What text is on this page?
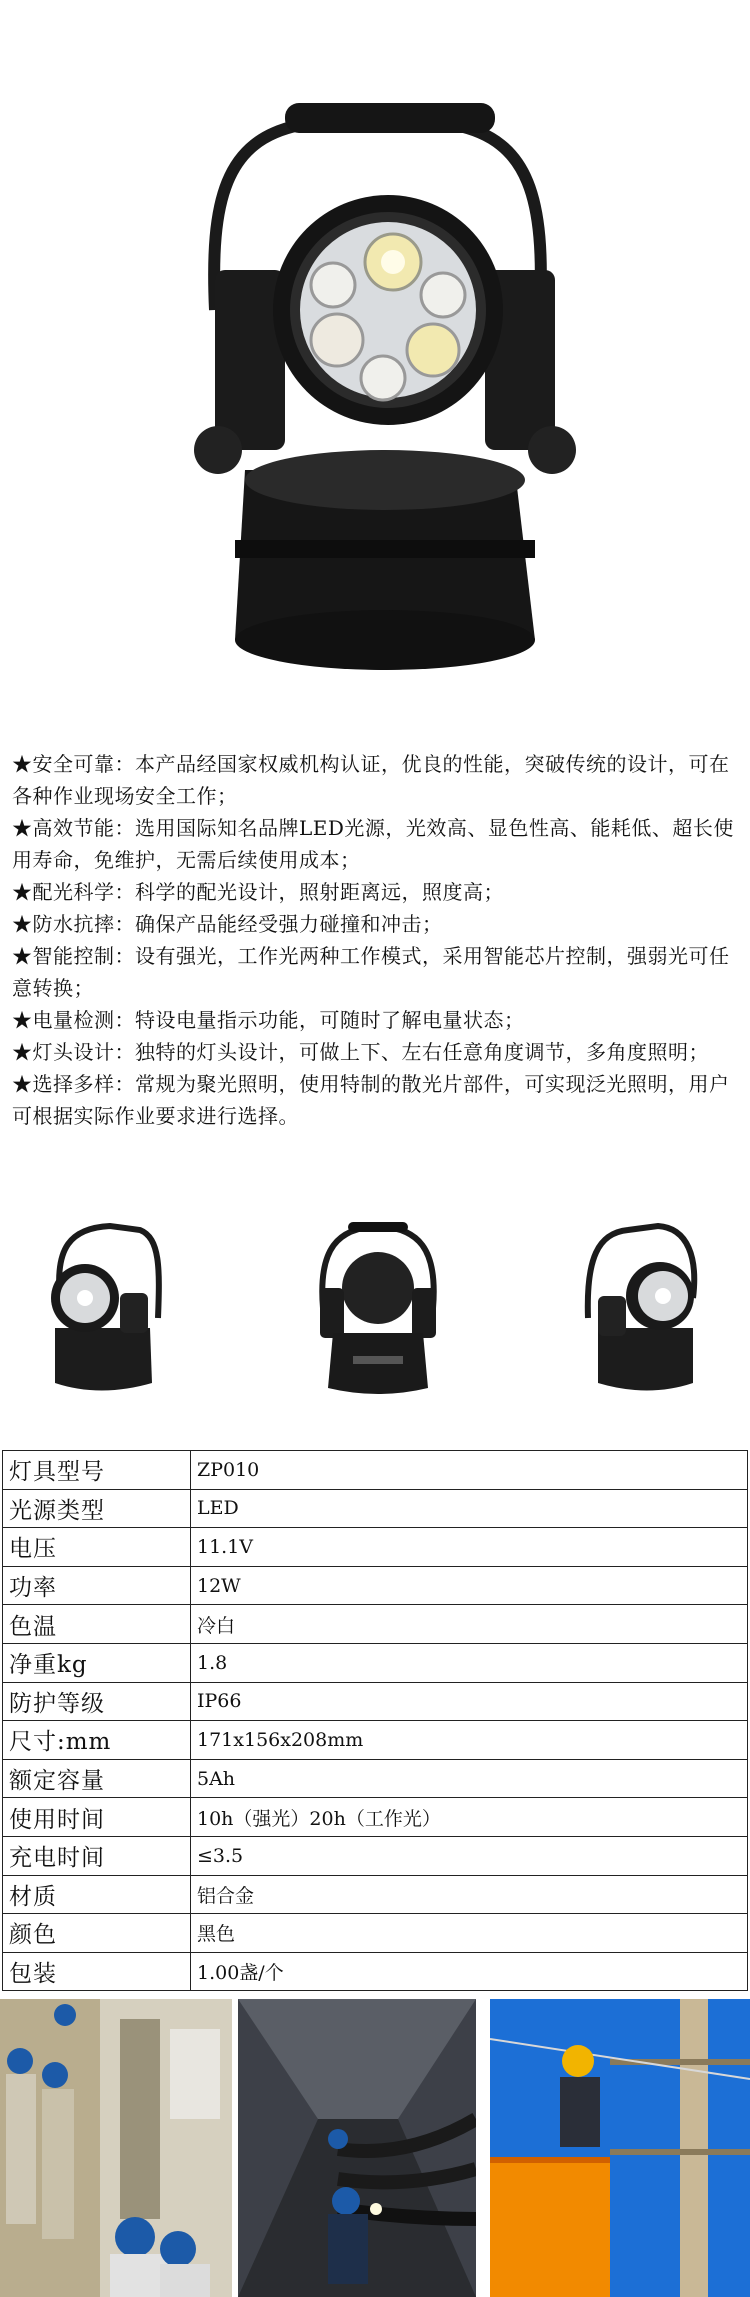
★安全可靠：本产品经国家权威机构认证，优良的性能，突破传统的设计，可在各种作业现场安全工作；

★高效节能：选用国际知名品牌LED光源，光效高、显色性高、能耗低、超长使用寿命，免维护，无需后续使用成本；

★配光科学：科学的配光设计，照射距离远，照度高；

★防水抗摔：确保产品能经受强力碰撞和冲击；

★智能控制：设有强光，工作光两种工作模式，采用智能芯片控制，强弱光可任意转换；

★电量检测：特设电量指示功能，可随时了解电量状态；

★灯头设计：独特的灯头设计，可做上下、左右任意角度调节，多角度照明；

★选择多样：常规为聚光照明，使用特制的散光片部件，可实现泛光照明，用户可根据实际作业要求进行选择。

灯具型号	ZP010
光源类型	LED
电压	11.1V
功率	12W
色温	冷白
净重kg	1.8
防护等级	IP66
尺寸:mm	171x156x208mm
额定容量	5Ah
使用时间	10h（强光）20h（工作光）
充电时间	≤3.5
材质	铝合金
颜色	黑色
包装	1.00盏/个
